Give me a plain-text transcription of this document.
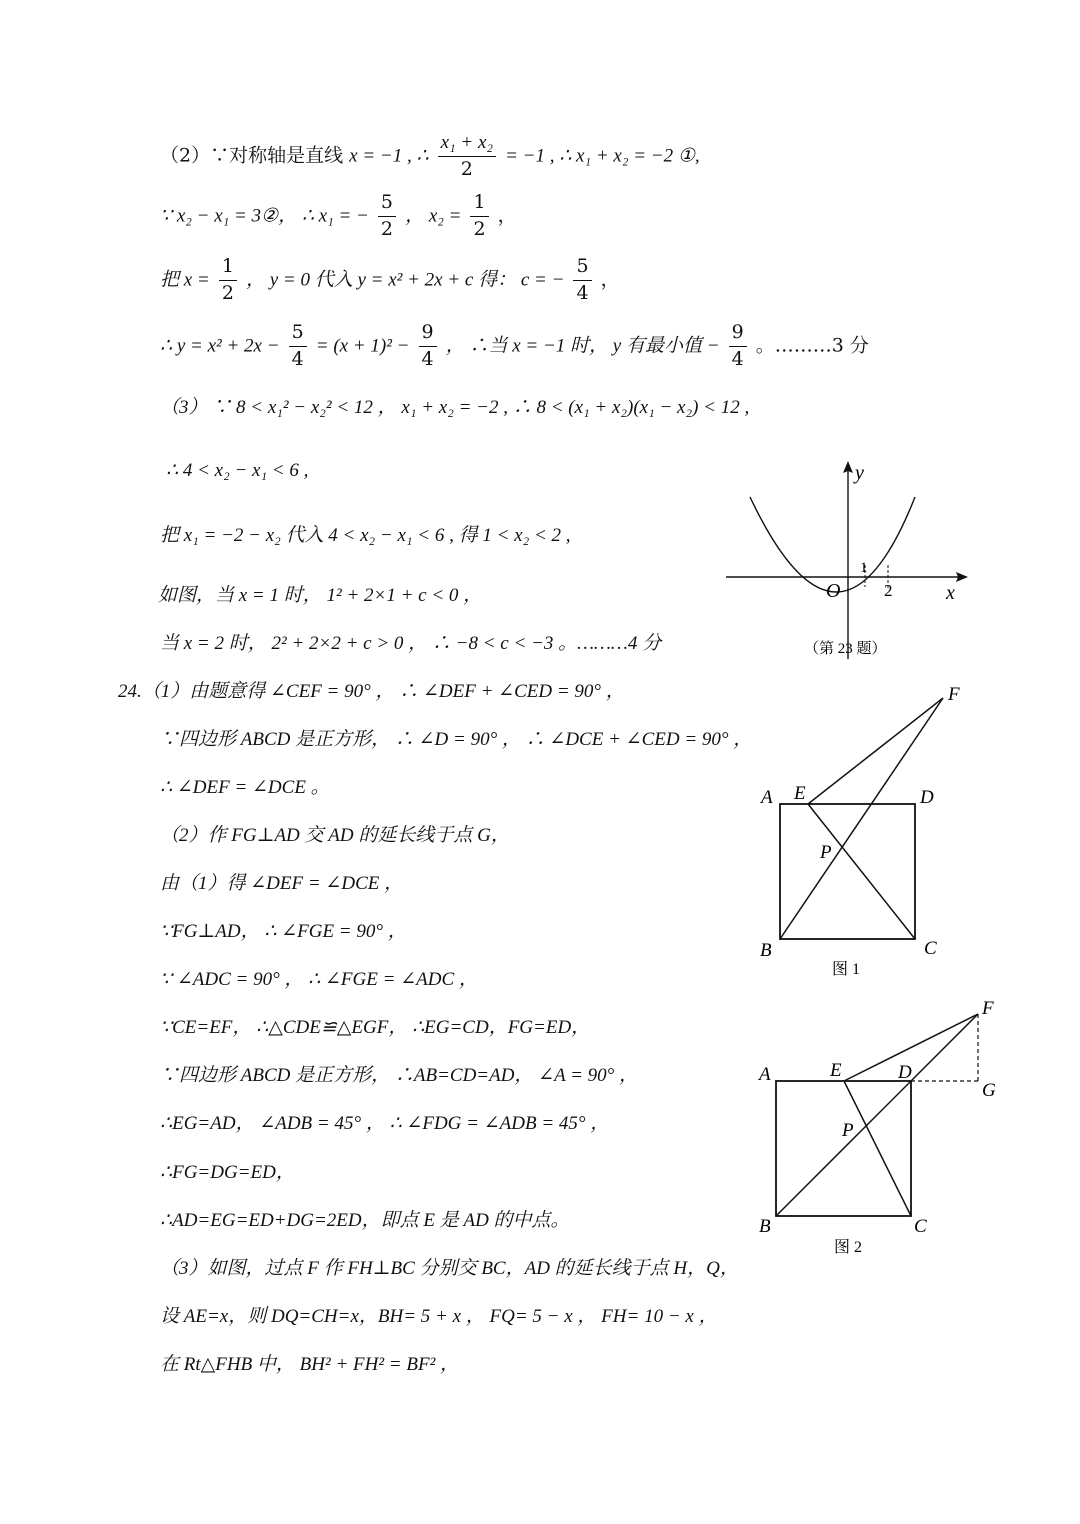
（2）∵对称轴是直线 x = −1 , ∴ $\frac{\text{x₁ + x₂}}{2} = -1$ , ∴ x₁ + x₂ = −2 ①,
∵ x₂ − x₁ = 3②， ∴ x₁ = − $\frac{5}{2}$ ， $x_2 = \frac{1}{2}$ ，
把 $x = \frac{1}{2}$ ， y = 0 代入 y = x² + 2x + c 得： c = − $\frac{5}{4}$ ，
∴ $y = x^2 + 2x - \frac{5}{4} = (x + 1)^2 - \frac{9}{4}$ ， ∴当 x = −1 时， y 有最小值 − $\frac{9}{4}$ 。………3 分
（3） ∵ 8 < x₁² − x₂² < 12 ， x₁ + x₂ = −2 , ∴ 8 < (x₁ + x₂)(x₁ − x₂) < 12 ,
∴ 4 < x₂ − x₁ < 6 ,
把 x₁ = −2 − x₂ 代入 4 < x₂ − x₁ < 6 , 得 1 < x₂ < 2 ,
如图，当 x = 1 时， 1² + 2×1 + c < 0 ，
当 x = 2 时， 2² + 2×2 + c > 0 ， ∴ −8 < c < −3 。………4 分
y
x
O
1
2
（第 23 题）
24.（1）由题意得 ∠CEF = 90° ， ∴ ∠DEF + ∠CED = 90° ，
∵四边形 ABCD 是正方形， ∴ ∠D = 90° ， ∴ ∠DCE + ∠CED = 90° ，
∴ ∠DEF = ∠DCE 。
（2）作 FG⊥AD 交 AD 的延长线于点 G，
由（1）得 ∠DEF = ∠DCE ，
∵FG⊥AD， ∴ ∠FGE = 90° ，
∵ ∠ADC = 90° ， ∴ ∠FGE = ∠ADC ，
∵CE=EF， ∴△CDE≌△EGF， ∴EG=CD，FG=ED，
∵四边形 ABCD 是正方形， ∴AB=CD=AD， ∠A = 90° ，
∴EG=AD， ∠ADB = 45° ， ∴ ∠FDG = ∠ADB = 45° ，
∴FG=DG=ED，
∴AD=EG=ED+DG=2ED，即点 E 是 AD 的中点。
（3）如图，过点 F 作 FH⊥BC 分别交 BC，AD 的延长线于点 H，Q，
设 AE=x，则 DQ=CH=x，BH= 5 + x ， FQ= 5 − x ， FH= 10 − x ，
在 Rt△FHB 中， BH² + FH² = BF² ，
A E	D
F
P
B	C
图 1
A	E	D
F
G
P
B	C
图 2
